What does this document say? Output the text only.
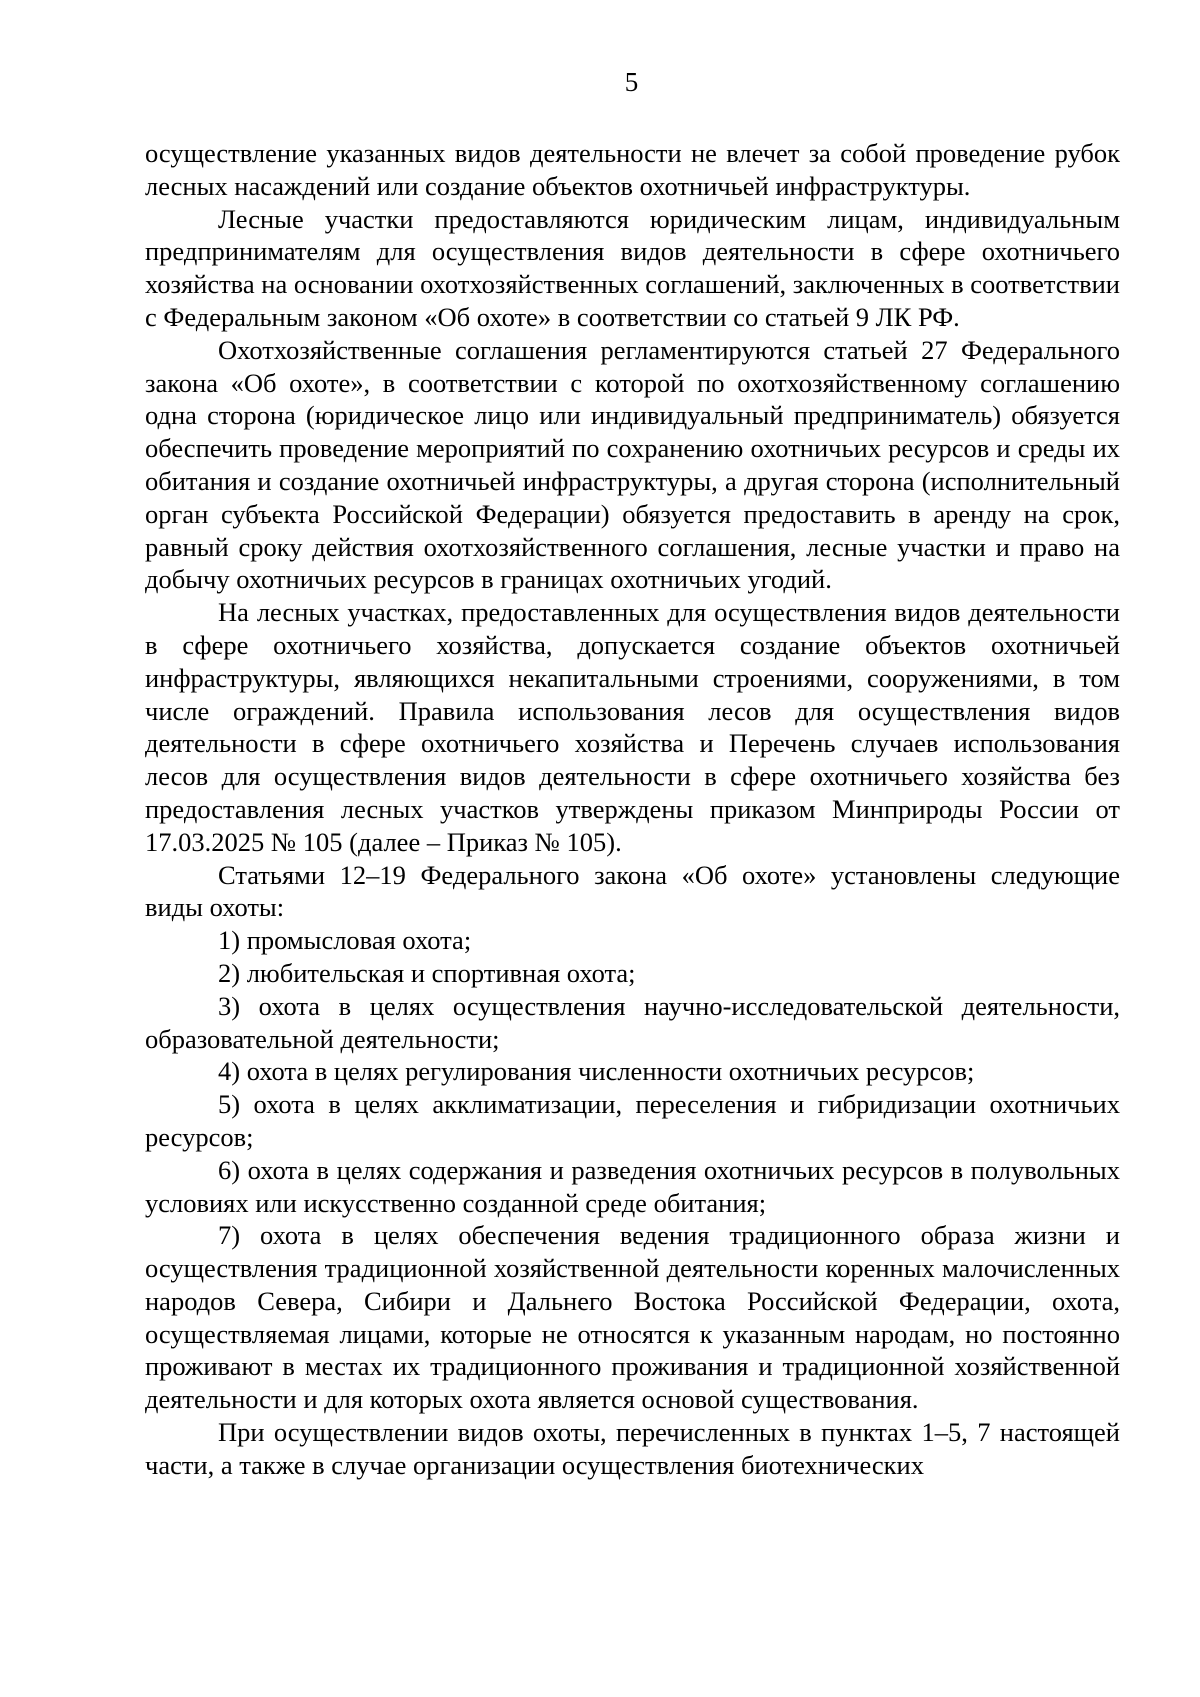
5

осуществление указанных видов деятельности не влечет за собой проведение рубок лесных насаждений или создание объектов охотничьей инфраструктуры.

Лесные участки предоставляются юридическим лицам, индивидуальным предпринимателям для осуществления видов деятельности в сфере охотничьего хозяйства на основании охотхозяйственных соглашений, заключенных в соответствии с Федеральным законом «Об охоте» в соответствии со статьей 9 ЛК РФ.

Охотхозяйственные соглашения регламентируются статьей 27 Федерального закона «Об охоте», в соответствии с которой по охотхозяйственному соглашению одна сторона (юридическое лицо или индивидуальный предприниматель) обязуется обеспечить проведение мероприятий по сохранению охотничьих ресурсов и среды их обитания и создание охотничьей инфраструктуры, а другая сторона (исполнительный орган субъекта Российской Федерации) обязуется предоставить в аренду на срок, равный сроку действия охотхозяйственного соглашения, лесные участки и право на добычу охотничьих ресурсов в границах охотничьих угодий.

На лесных участках, предоставленных для осуществления видов деятельности в сфере охотничьего хозяйства, допускается создание объектов охотничьей инфраструктуры, являющихся некапитальными строениями, сооружениями, в том числе ограждений. Правила использования лесов для осуществления видов деятельности в сфере охотничьего хозяйства и Перечень случаев использования лесов для осуществления видов деятельности в сфере охотничьего хозяйства без предоставления лесных участков утверждены приказом Минприроды России от 17.03.2025 № 105 (далее – Приказ № 105).

Статьями 12–19 Федерального закона «Об охоте» установлены следующие виды охоты:

1) промысловая охота;

2) любительская и спортивная охота;

3) охота в целях осуществления научно-исследовательской деятельности, образовательной деятельности;

4) охота в целях регулирования численности охотничьих ресурсов;

5) охота в целях акклиматизации, переселения и гибридизации охотничьих ресурсов;

6) охота в целях содержания и разведения охотничьих ресурсов в полувольных условиях или искусственно созданной среде обитания;

7) охота в целях обеспечения ведения традиционного образа жизни и осуществления традиционной хозяйственной деятельности коренных малочисленных народов Севера, Сибири и Дальнего Востока Российской Федерации, охота, осуществляемая лицами, которые не относятся к указанным народам, но постоянно проживают в местах их традиционного проживания и традиционной хозяйственной деятельности и для которых охота является основой существования.

При осуществлении видов охоты, перечисленных в пунктах 1–5, 7 настоящей части, а также в случае организации осуществления биотехнических
